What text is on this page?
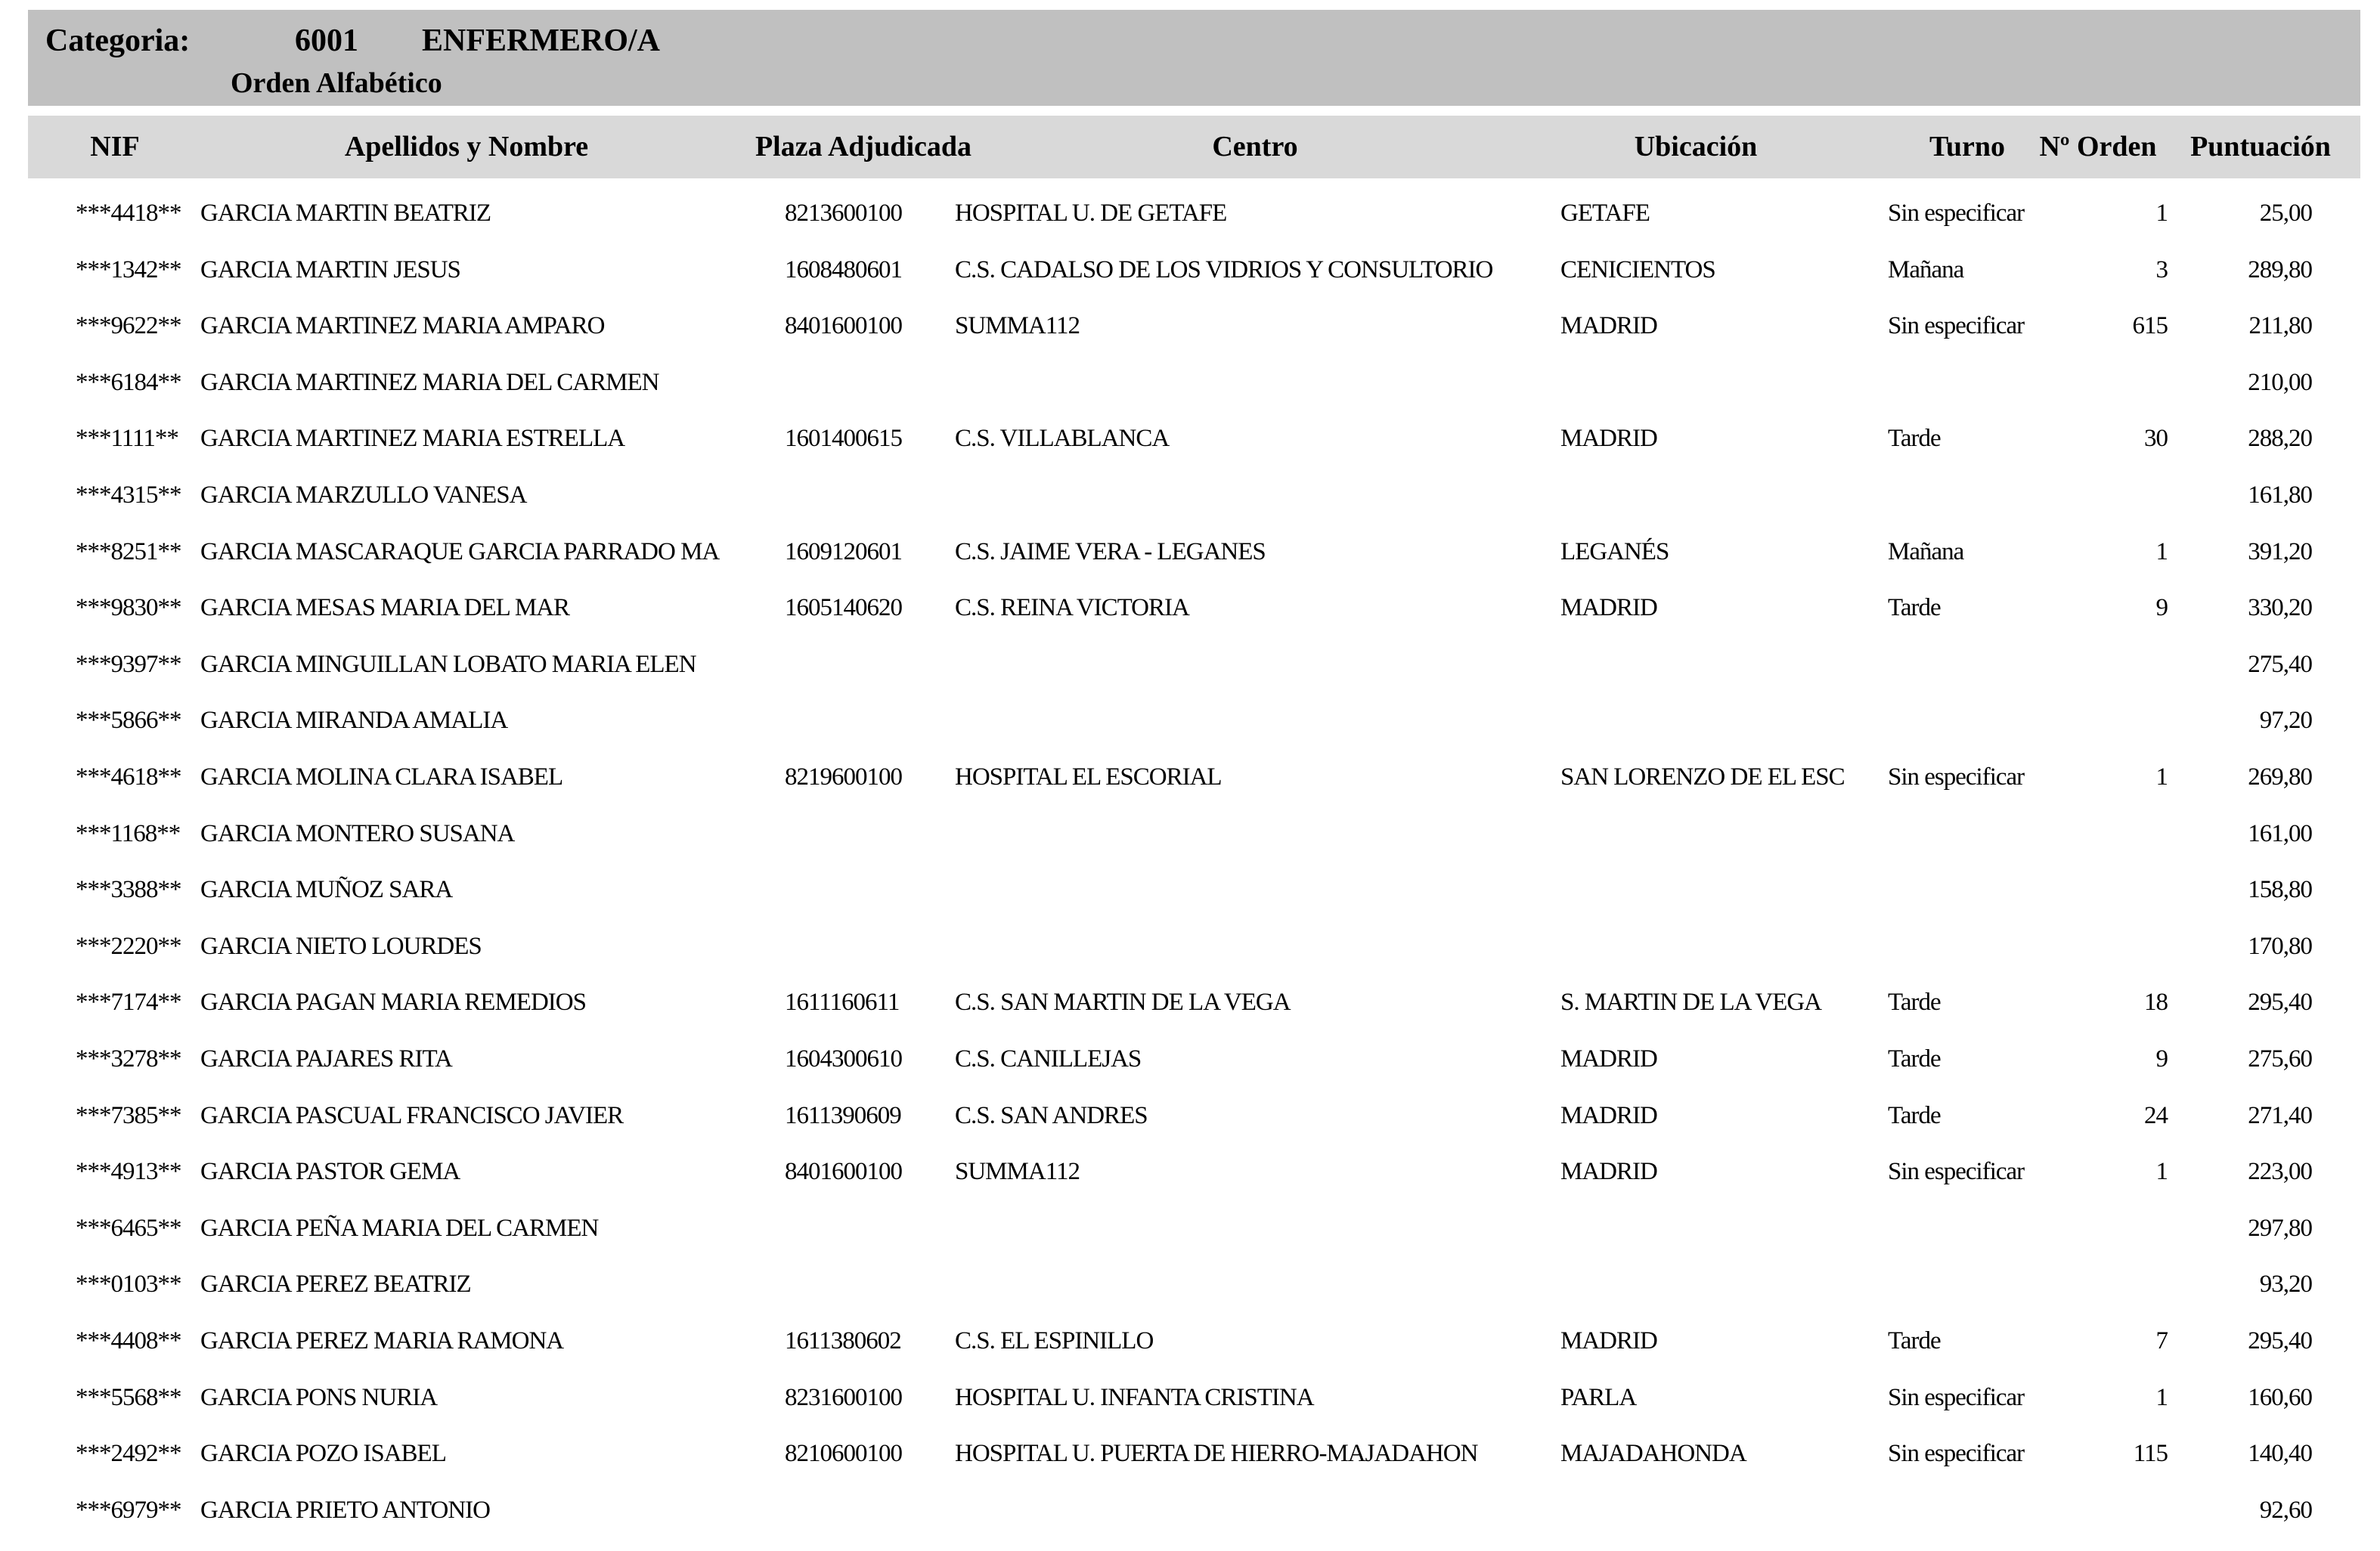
Categoria:	6001 ENFERMERO/A
Orden Alfabético
NIF	Apellidos y Nombre	Plaza Adjudicada	Centro	Ubicación	Turno Nº Orden Puntuación
***4418** GARCIA MARTIN BEATRIZ	8213600100 HOSPITAL U. DE GETAFE	GETAFE	Sin especificar	1	25,00
***1342** GARCIA MARTIN JESUS	1608480601 C.S. CADALSO DE LOS VIDRIOS Y CONSULTORIO	CENICIENTOS	Mañana	3	289,80
***9622** GARCIA MARTINEZ MARIA AMPARO	8401600100 SUMMA112	MADRID	Sin especificar	615	211,80
***6184** GARCIA MARTINEZ MARIA DEL CARMEN	210,00
***1111** GARCIA MARTINEZ MARIA ESTRELLA	1601400615 C.S. VILLABLANCA	MADRID	Tarde	30	288,20
***4315** GARCIA MARZULLO VANESA	161,80
***8251** GARCIA MASCARAQUE GARCIA PARRADO MA	1609120601 C.S. JAIME VERA - LEGANES	LEGANÉS	Mañana	1	391,20
***9830** GARCIA MESAS MARIA DEL MAR	1605140620 C.S. REINA VICTORIA	MADRID	Tarde	9	330,20
***9397** GARCIA MINGUILLAN LOBATO MARIA ELEN	275,40
***5866** GARCIA MIRANDA AMALIA	97,20
***4618** GARCIA MOLINA CLARA ISABEL	8219600100 HOSPITAL EL ESCORIAL	SAN LORENZO DE EL ESC Sin especificar	1	269,80
***1168** GARCIA MONTERO SUSANA	161,00
***3388** GARCIA MUÑOZ SARA	158,80
***2220** GARCIA NIETO LOURDES	170,80
***7174** GARCIA PAGAN MARIA REMEDIOS	1611160611 C.S. SAN MARTIN DE LA VEGA	S. MARTIN DE LA VEGA	Tarde	18	295,40
***3278** GARCIA PAJARES RITA	1604300610 C.S. CANILLEJAS	MADRID	Tarde	9	275,60
***7385** GARCIA PASCUAL FRANCISCO JAVIER	1611390609 C.S. SAN ANDRES	MADRID	Tarde	24	271,40
***4913** GARCIA PASTOR GEMA	8401600100 SUMMA112	MADRID	Sin especificar	1	223,00
***6465** GARCIA PEÑA MARIA DEL CARMEN	297,80
***0103** GARCIA PEREZ BEATRIZ	93,20
***4408** GARCIA PEREZ MARIA RAMONA	1611380602 C.S. EL ESPINILLO	MADRID	Tarde	7	295,40
***5568** GARCIA PONS NURIA	8231600100 HOSPITAL U. INFANTA CRISTINA	PARLA	Sin especificar	1	160,60
***2492** GARCIA POZO ISABEL	8210600100 HOSPITAL U. PUERTA DE HIERRO-MAJADAHON	MAJADAHONDA	Sin especificar	115	140,40
***6979** GARCIA PRIETO ANTONIO	92,60
